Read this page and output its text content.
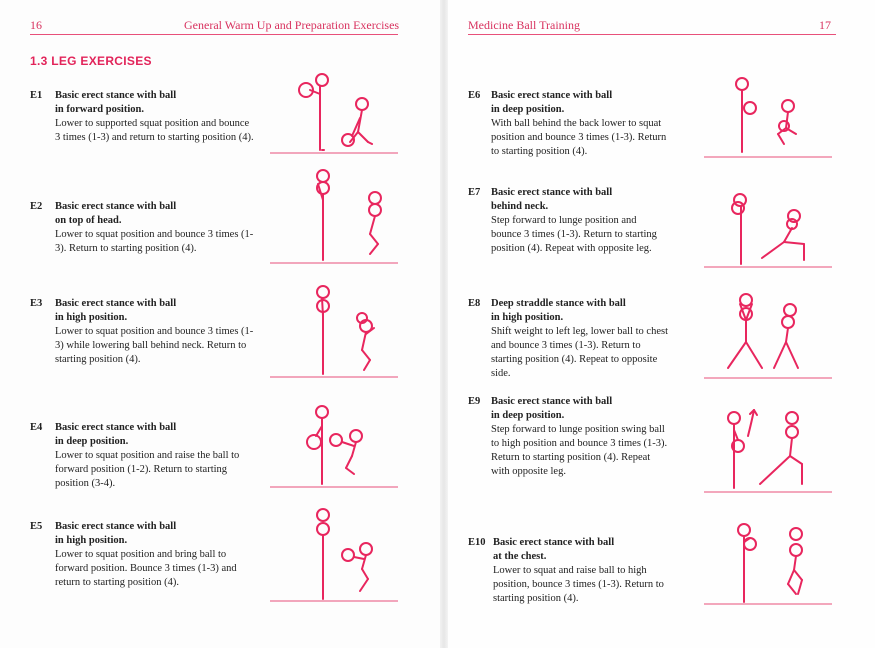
16	General Warm Up and Preparation Exercises
1.3 LEG EXERCISES
E1 Basic erect stance with ball
in forward position.
Lower to supported squat position and bounce 3 times (1-3) and return to starting position (4).
E2 Basic erect stance with ball
on top of head.
Lower to squat position and bounce 3 times (1-3). Return to starting position (4).
E3 Basic erect stance with ball
in high position.
Lower to squat position and bounce 3 times (1-3) while lowering ball behind neck. Return to starting position (4).
E4 Basic erect stance with ball
in deep position.
Lower to squat position and raise the ball to forward position (1-2). Return to starting position (3-4).
E5 Basic erect stance with ball
in high position.
Lower to squat position and bring ball to forward position. Bounce 3 times (1-3) and return to starting position (4).
Medicine Ball Training	17
E6 Basic erect stance with ball
in deep position.
With ball behind the back lower to squat position and bounce 3 times (1-3). Return to starting position (4).
E7 Basic erect stance with ball
behind neck.
Step forward to lunge position and bounce 3 times (1-3). Return to starting position (4). Repeat with opposite leg.
E8 Deep straddle stance with ball
in high position.
Shift weight to left leg, lower ball to chest and bounce 3 times (1-3). Return to starting position (4). Repeat to opposite side.
E9 Basic erect stance with ball
in deep position.
Step forward to lunge position swing ball to high position and bounce 3 times (1-3). Return to starting position (4). Repeat with opposite leg.
E10 Basic erect stance with ball
at the chest.
Lower to squat and raise ball to high position, bounce 3 times (1-3). Return to starting position (4).
